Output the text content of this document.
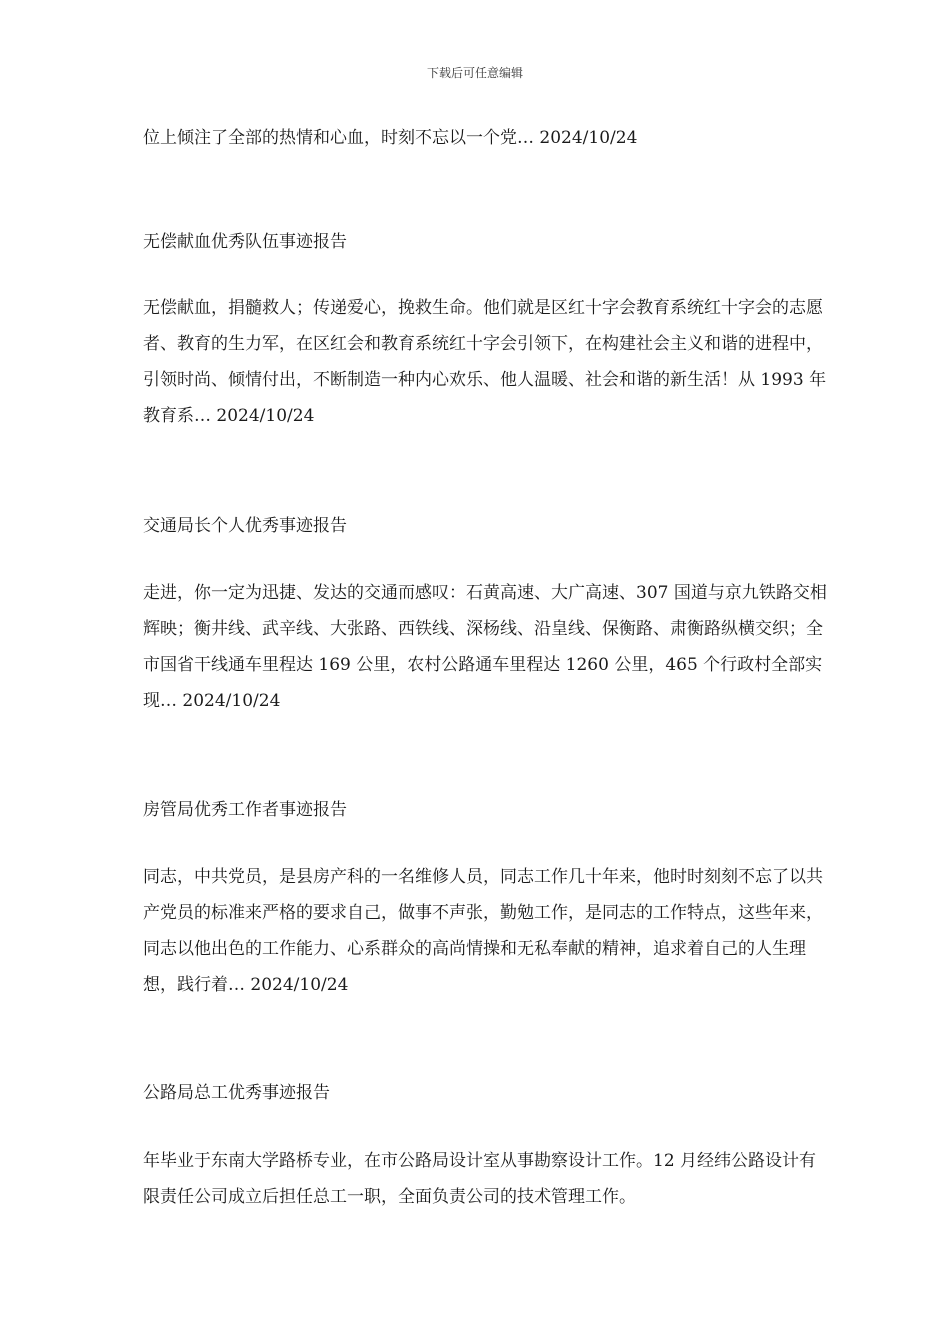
下载后可任意编辑

位上倾注了全部的热情和心血，时刻不忘以一个党… 2024/10/24

无偿献血优秀队伍事迹报告

无偿献血，捐髓救人；传递爱心，挽救生命。他们就是区红十字会教育系统红十字会的志愿者、教育的生力军，在区红会和教育系统红十字会引领下，在构建社会主义和谐的进程中，引领时尚、倾情付出，不断制造一种内心欢乐、他人温暖、社会和谐的新生活！从 1993 年教育系… 2024/10/24

交通局长个人优秀事迹报告

走进，你一定为迅捷、发达的交通而感叹：石黄高速、大广高速、307 国道与京九铁路交相辉映；衡井线、武辛线、大张路、西铁线、深杨线、沿皇线、保衡路、肃衡路纵横交织；全市国省干线通车里程达 169 公里，农村公路通车里程达 1260 公里，465 个行政村全部实现… 2024/10/24

房管局优秀工作者事迹报告

同志，中共党员，是县房产科的一名维修人员，同志工作几十年来，他时时刻刻不忘了以共产党员的标准来严格的要求自己，做事不声张，勤勉工作，是同志的工作特点，这些年来，同志以他出色的工作能力、心系群众的高尚情操和无私奉献的精神，追求着自己的人生理想，践行着… 2024/10/24

公路局总工优秀事迹报告

年毕业于东南大学路桥专业，在市公路局设计室从事勘察设计工作。12 月经纬公路设计有限责任公司成立后担任总工一职，全面负责公司的技术管理工作。
